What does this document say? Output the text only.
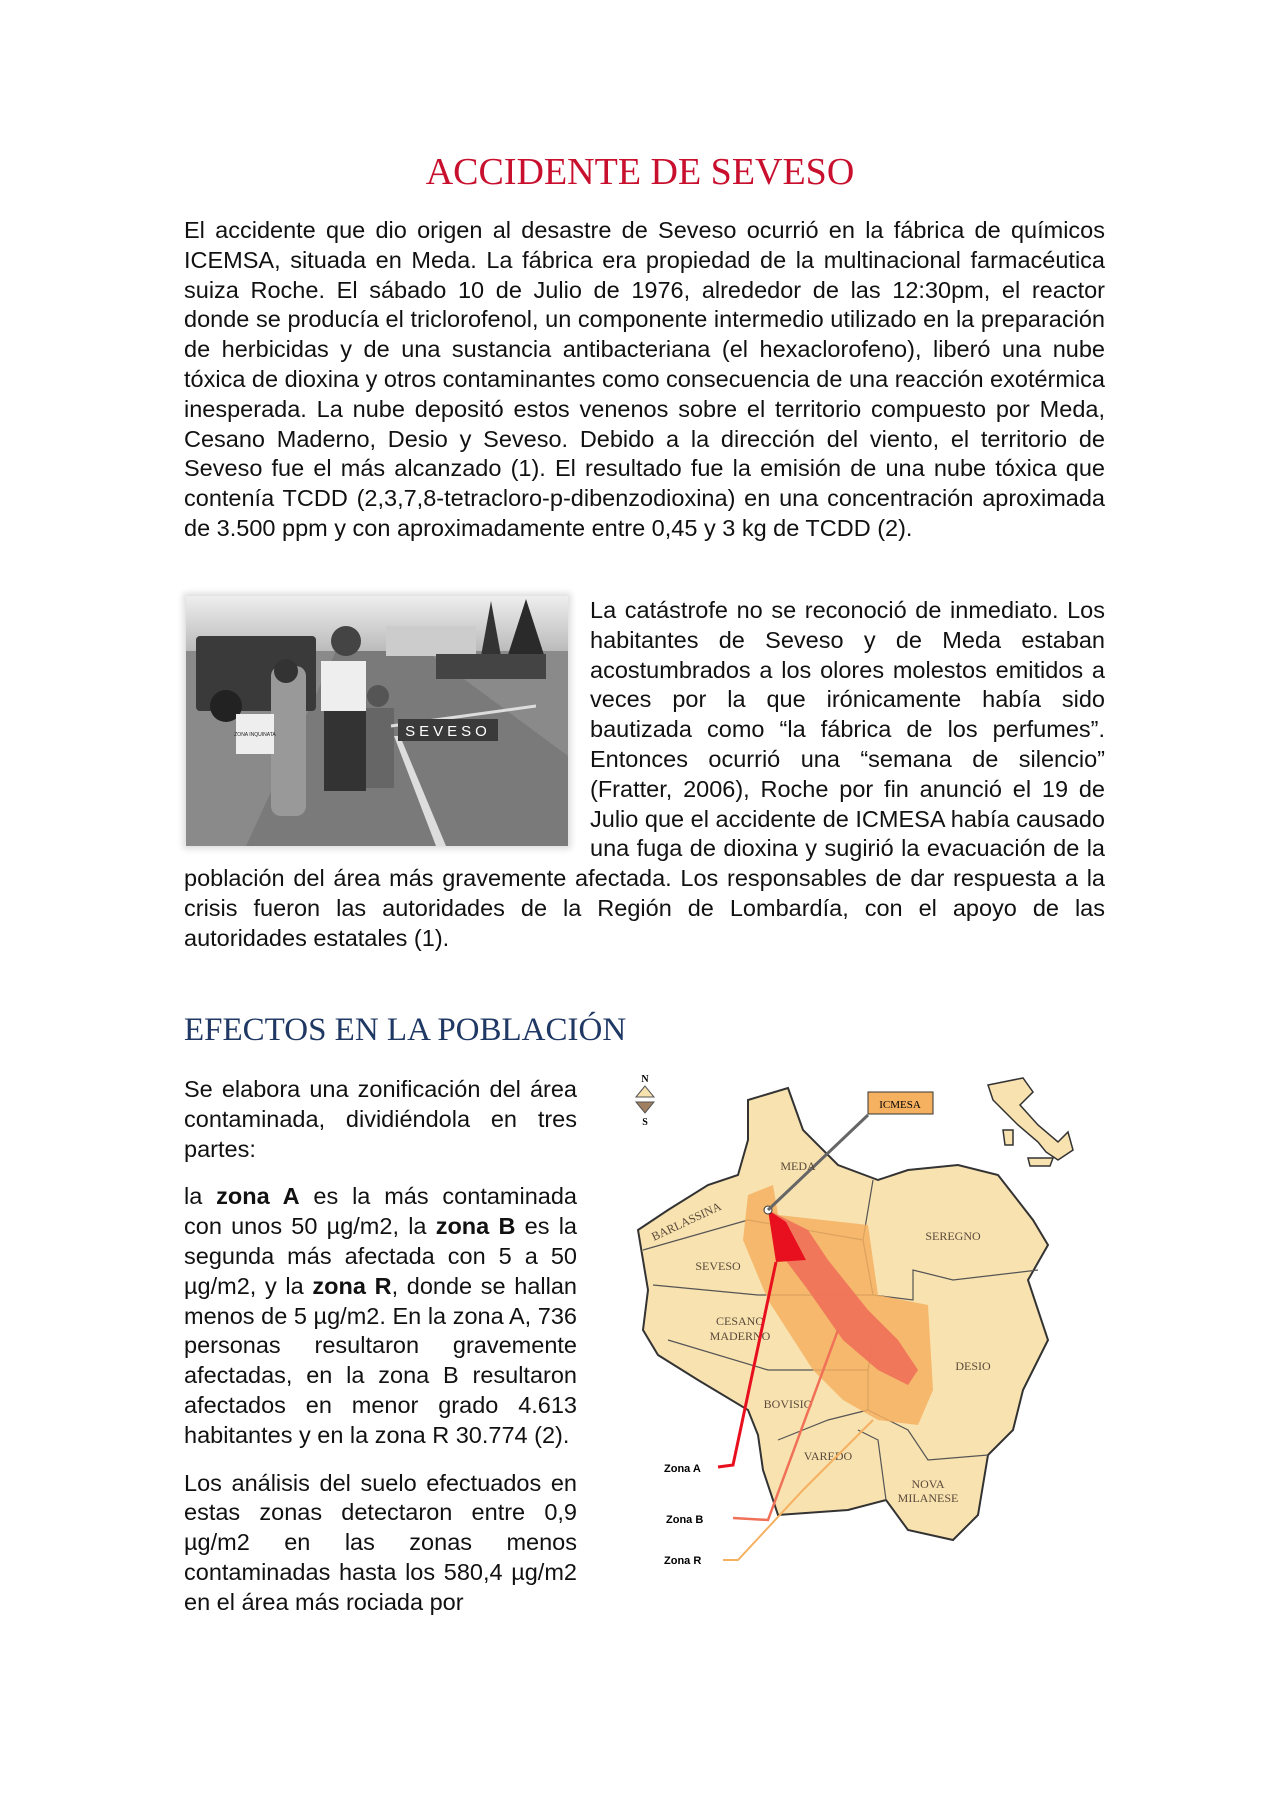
ACCIDENTE DE SEVESO

El accidente que dio origen al desastre de Seveso ocurrió en la fábrica de químicos ICEMSA, situada en Meda. La fábrica era propiedad de la multinacional farmacéutica suiza Roche. El sábado 10 de Julio de 1976, alrededor de las 12:30pm, el reactor donde se producía el triclorofenol, un componente intermedio utilizado en la preparación de herbicidas y de una sustancia antibacteriana (el hexaclorofeno), liberó una nube tóxica de dioxina y otros contaminantes como consecuencia de una reacción exotérmica inesperada. La nube depositó estos venenos sobre el territorio compuesto por Meda, Cesano Maderno, Desio y Seveso. Debido a la dirección del viento, el territorio de Seveso fue el más alcanzado (1). El resultado fue la emisión de una nube tóxica que contenía TCDD (2,3,7,8-tetracloro-p-dibenzodioxina) en una concentración aproximada de 3.500 ppm y con aproximadamente entre 0,45 y 3 kg de TCDD (2).

SEVESO
ZONA INQUINATA

La catástrofe no se reconoció de inmediato. Los habitantes de Seveso y de Meda estaban acostumbrados a los olores molestos emitidos a veces por la que irónicamente había sido bautizada como “la fábrica de los perfumes”. Entonces ocurrió una “semana de silencio” (Fratter, 2006), Roche por fin anunció el 19 de Julio que el accidente de ICMESA había causado una fuga de dioxina y sugirió la evacuación de la población del área más gravemente afectada. Los responsables de dar respuesta a la crisis fueron las autoridades de la Región de Lombardía, con el apoyo de las autoridades estatales (1).

EFECTOS EN LA POBLACIÓN

Se elabora una zonificación del área contaminada, dividiéndola en tres partes:

la zona A es la más contaminada con unos 50 µg/m2, la zona B es la segunda más afectada con 5 a 50 µg/m2, y la zona R, donde se hallan menos de 5 µg/m2. En la zona A, 736 personas resultaron gravemente afectadas, en la zona B resultaron afectados en menor grado 4.613 habitantes y en la zona R 30.774 (2).

Los análisis del suelo efectuados en estas zonas detectaron entre 0,9 µg/m2 en las zonas menos contaminadas hasta los 580,4 µg/m2 en el área más rociada por

N
S
ICMESA
MEDA
BARLASSINA
SEVESO
SEREGNO
CESANO
MADERNO
DESIO
BOVISIO
VAREDO
NOVA
MILANESE
Zona A
Zona B
Zona R
